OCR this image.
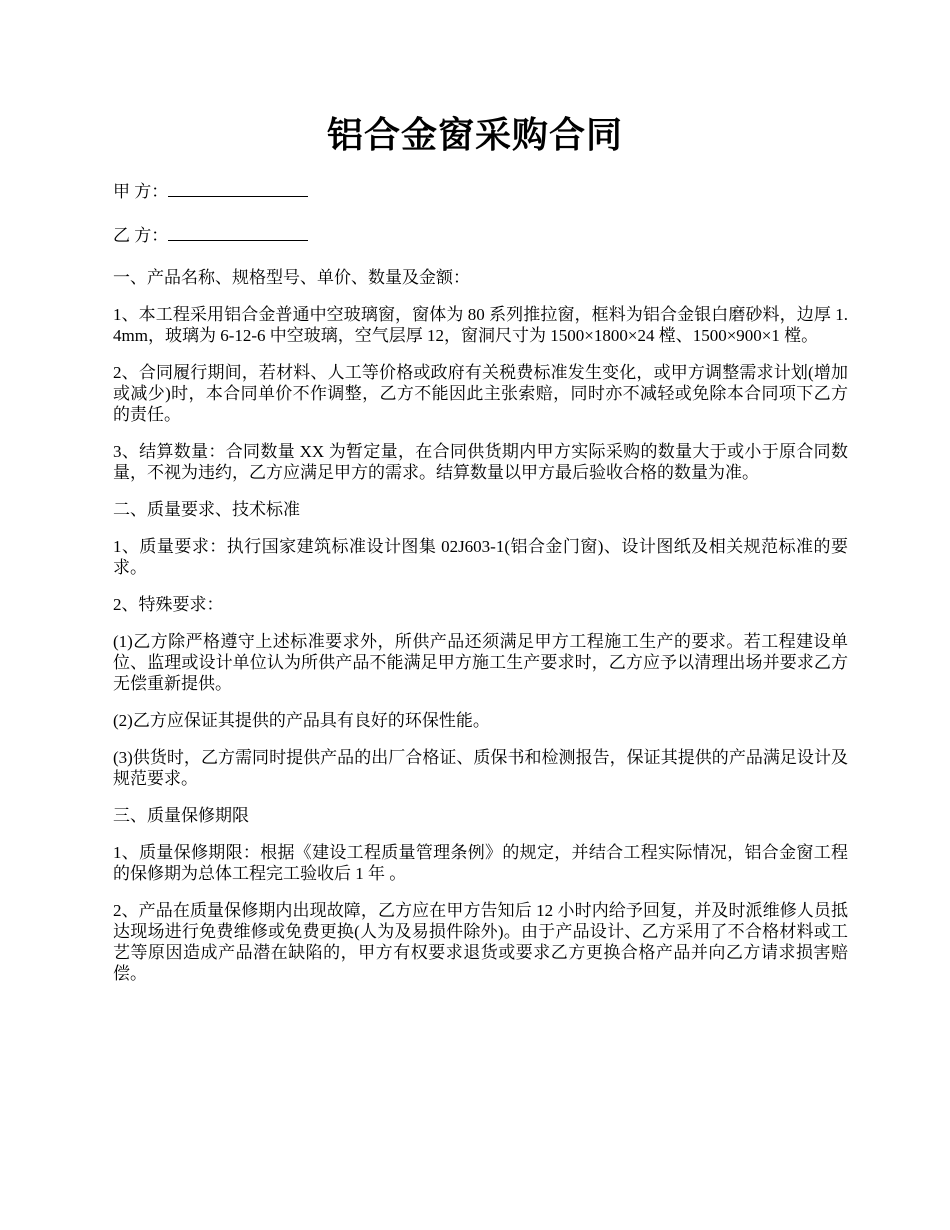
铝合金窗采购合同
甲 方：
乙 方：

一、产品名称、规格型号、单价、数量及金额：

1、本工程采用铝合金普通中空玻璃窗，窗体为 80 系列推拉窗，框料为铝合金银白磨砂料，边厚 1.4mm，玻璃为 6-12-6 中空玻璃，空气层厚 12，窗洞尺寸为 1500×1800×24 樘、1500×900×1 樘。

2、合同履行期间，若材料、人工等价格或政府有关税费标准发生变化，或甲方调整需求计划(增加或减少)时，本合同单价不作调整，乙方不能因此主张索赔，同时亦不减轻或免除本合同项下乙方的责任。

3、结算数量：合同数量 XX 为暂定量，在合同供货期内甲方实际采购的数量大于或小于原合同数量，不视为违约，乙方应满足甲方的需求。结算数量以甲方最后验收合格的数量为准。

二、质量要求、技术标准

1、质量要求：执行国家建筑标准设计图集 02J603-1(铝合金门窗)、设计图纸及相关规范标准的要求。

2、特殊要求：

(1)乙方除严格遵守上述标准要求外，所供产品还须满足甲方工程施工生产的要求。若工程建设单位、监理或设计单位认为所供产品不能满足甲方施工生产要求时，乙方应予以清理出场并要求乙方无偿重新提供。

(2)乙方应保证其提供的产品具有良好的环保性能。

(3)供货时，乙方需同时提供产品的出厂合格证、质保书和检测报告，保证其提供的产品满足设计及规范要求。

三、质量保修期限

1、质量保修期限：根据《建设工程质量管理条例》的规定，并结合工程实际情况，铝合金窗工程的保修期为总体工程完工验收后 1 年 。

2、产品在质量保修期内出现故障，乙方应在甲方告知后 12 小时内给予回复，并及时派维修人员抵达现场进行免费维修或免费更换(人为及易损件除外)。由于产品设计、乙方采用了不合格材料或工艺等原因造成产品潜在缺陷的，甲方有权要求退货或要求乙方更换合格产品并向乙方请求损害赔偿。
